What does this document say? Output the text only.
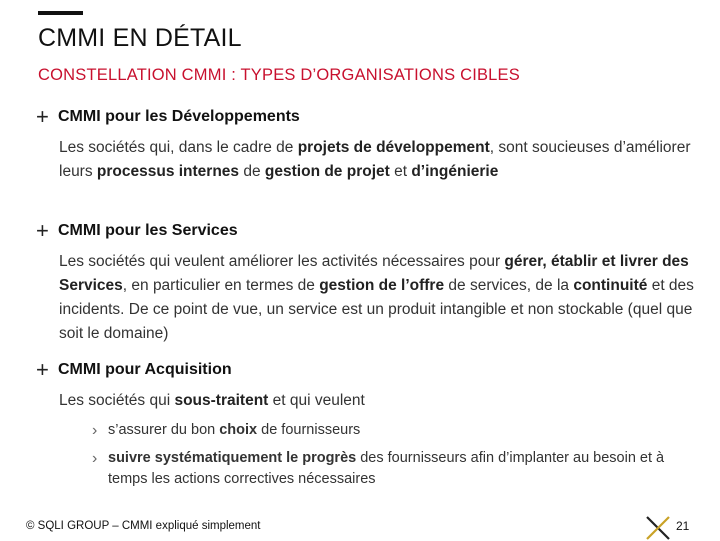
CMMI EN DÉTAIL
CONSTELLATION CMMI : TYPES D’ORGANISATIONS CIBLES
+ CMMI pour les Développements
Les sociétés qui, dans le cadre de projets de développement, sont soucieuses d’améliorer leurs processus internes de gestion de projet et d’ingénierie
+ CMMI pour les Services
Les sociétés qui veulent améliorer les activités nécessaires pour gérer, établir et livrer des Services, en particulier en termes de gestion de l’offre de services, de la continuité et des incidents. De ce point de vue, un service est un produit intangible et non stockable (quel que soit le domaine)
+ CMMI pour Acquisition
Les sociétés qui sous-traitent et qui veulent
› s’assurer du bon choix de fournisseurs
› suivre systématiquement le progrès des fournisseurs afin d’implanter au besoin et à temps les actions correctives nécessaires
© SQLI GROUP – CMMI expliqué simplement	21
